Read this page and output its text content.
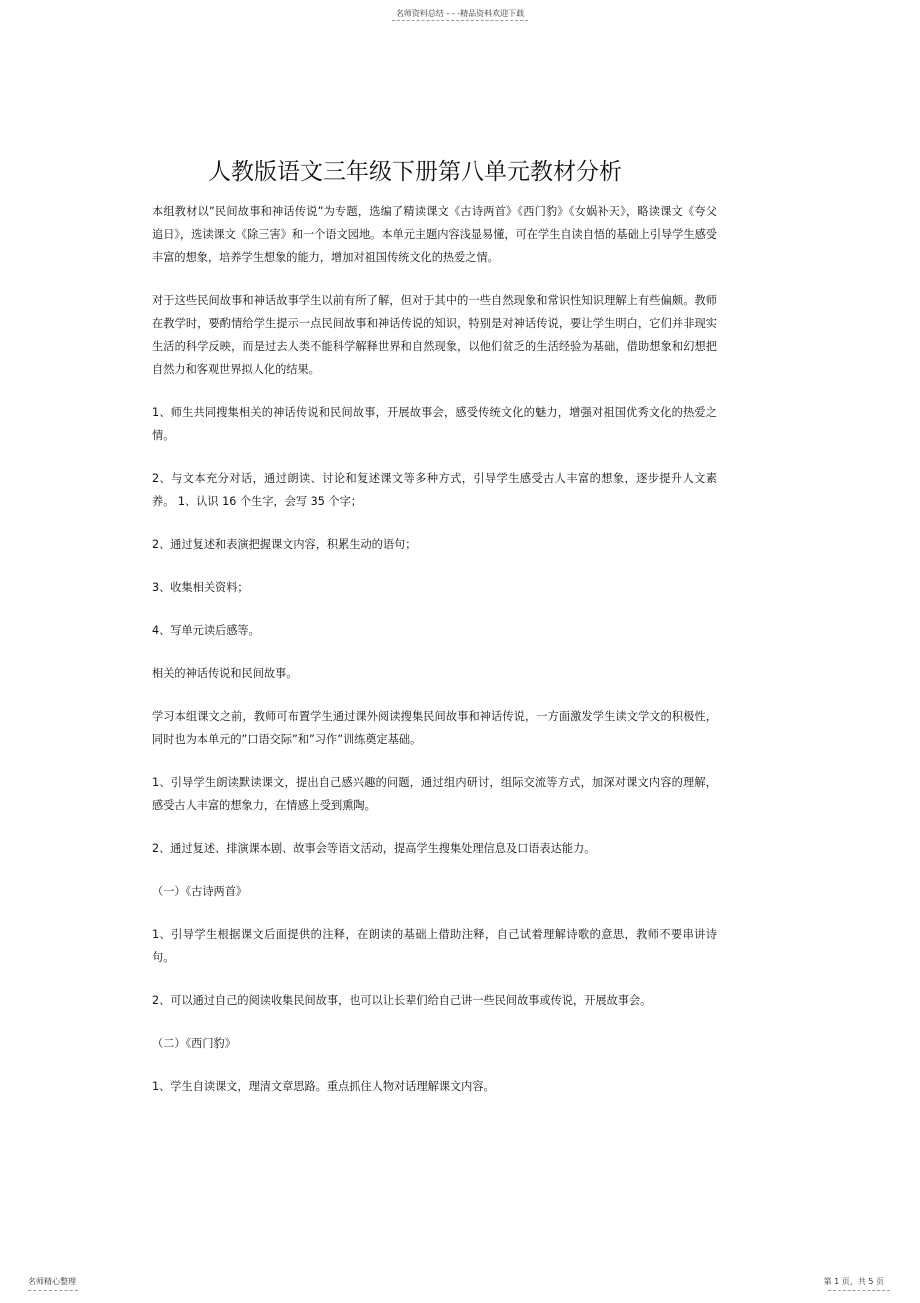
名师资料总结 - - -精品资料欢迎下载
人教版语文三年级下册第八单元教材分析

本组教材以”民间故事和神话传说”为专题，选编了精读课文《古诗两首》《西门豹》《女娲补天》，略读课文《夸父追日》，选读课文《除三害》和一个语文园地。本单元主题内容浅显易懂，可在学生自读自悟的基础上引导学生感受丰富的想象，培养学生想象的能力，增加对祖国传统文化的热爱之情。

对于这些民间故事和神话故事学生以前有所了解，但对于其中的一些自然现象和常识性知识理解上有些偏颇。教师在教学时，要酌情给学生提示一点民间故事和神话传说的知识，特别是对神话传说，要让学生明白，它们并非现实生活的科学反映，而是过去人类不能科学解释世界和自然现象，以他们贫乏的生活经验为基础，借助想象和幻想把自然力和客观世界拟人化的结果。

1、师生共同搜集相关的神话传说和民间故事，开展故事会，感受传统文化的魅力，增强对祖国优秀文化的热爱之情。

2、与文本充分对话，通过朗读、讨论和复述课文等多种方式，引导学生感受古人丰富的想象，逐步提升人文素养。 1、认识 16 个生字，会写 35 个字；

2、通过复述和表演把握课文内容，积累生动的语句；

3、收集相关资料；

4、写单元读后感等。

相关的神话传说和民间故事。

学习本组课文之前，教师可布置学生通过课外阅读搜集民间故事和神话传说，一方面激发学生读文学文的积极性，同时也为本单元的”口语交际”和”习作”训练奠定基础。

1、引导学生朗读默读课文，提出自己感兴趣的问题，通过组内研讨，组际交流等方式，加深对课文内容的理解，感受古人丰富的想象力，在情感上受到熏陶。

2、通过复述、排演课本剧、故事会等语文活动，提高学生搜集处理信息及口语表达能力。

（一）《古诗两首》

1、引导学生根据课文后面提供的注释，在朗读的基础上借助注释，自己试着理解诗歌的意思，教师不要串讲诗句。

2、可以通过自己的阅读收集民间故事，也可以让长辈们给自己讲一些民间故事或传说，开展故事会。

（二）《西门豹》

1、学生自读课文，理清文章思路。重点抓住人物对话理解课文内容。

名师精心整理	第 1 页，共 5 页
